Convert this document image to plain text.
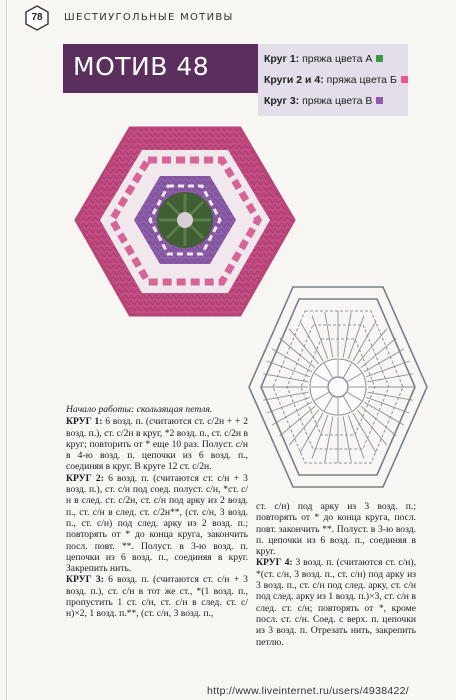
78	ШЕСТИУГОЛЬНЫЕ МОТИВЫ
МОТИВ 48	Круг 1: пряжа цвета А
Круги 2 и 4: пряжа цвета Б
Круг 3: пряжа цвета В

Начало работы: скользящая петля.

КРУГ 1: 6 возд. п. (считаются ст. с/2н + + 2 возд. п.), ст. с/2н в круг, *2 возд. п., ст. с/2н в круг; повторить от * еще 10 раз. Полуст. с/н в 4-ю возд. п. цепочки из 6 возд. п., соединяя в круг. В круге 12 ст. с/2н.

КРУГ 2: 6 возд. п. (считаются ст. с/н + 3 возд. п.), ст. с/н под соед. полуст. с/н, *ст. с/н в след. ст. с/2н, ст. с/н под арку из 2 возд. п., ст. с/н в след. ст. с/2н**, (ст. с/н, 3 возд. п., ст. с/н) под след. арку из 2 возд. п.; повторять от * до конца круга, закончить посл. повт. **. Полуст. в 3-ю возд. п. цепочки из 6 возд. п., соединяя в круг. Закрепить нить.

КРУГ 3: 6 возд. п. (считаются ст. с/н + 3 возд. п.), ст. с/н в тот же ст., *(1 возд. п., пропустить 1 ст. с/н, ст. с/н в след. ст. с/н)×2, 1 возд. п.**, (ст. с/н, 3 возд. п.,

ст. с/н) под арку из 3 возд. п.; повторять от * до конца круга, посл. повт. закончить **. Полуст. в 3-ю возд. п. цепочки из 6 возд. п., соединяя в круг.

КРУГ 4: 3 возд. п. (считаются ст. с/н), *(ст. с/н, 3 возд. п., ст. с/н) под арку из 3 возд. п., ст. с/н под след. арку, ст. с/н под след. арку из 1 возд. п.)×3, ст. с/н в след. ст. с/н; повторять от *, кроме посл. ст. с/н. Соед. с верх. п. цепочки из 3 возд. п. Отрезать нить, закрепить петлю.

http://www.liveinternet.ru/users/4938422/
